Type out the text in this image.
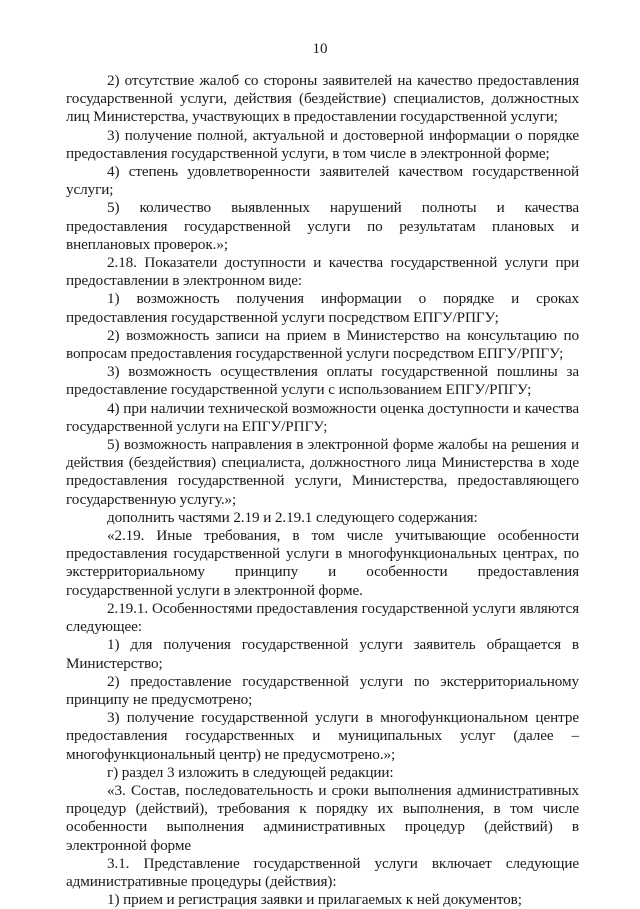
10

2) отсутствие жалоб со стороны заявителей на качество предоставления государственной услуги, действия (бездействие) специалистов, должностных лиц Министерства, участвующих в предоставлении государственной услуги;

3) получение полной, актуальной и достоверной информации о порядке предоставления государственной услуги, в том числе в электронной форме;

4) степень удовлетворенности заявителей качеством государственной услуги;

5) количество выявленных нарушений полноты и качества предоставления государственной услуги по результатам плановых и внеплановых проверок.»;

2.18. Показатели доступности и качества государственной услуги при предоставлении в электронном виде:

1) возможность получения информации о порядке и сроках предоставления государственной услуги посредством ЕПГУ/РПГУ;

2) возможность записи на прием в Министерство на консультацию по вопросам предоставления государственной услуги посредством ЕПГУ/РПГУ;

3) возможность осуществления оплаты государственной пошлины за предоставление государственной услуги с использованием ЕПГУ/РПГУ;

4) при наличии технической возможности оценка доступности и качества государственной услуги на ЕПГУ/РПГУ;

5) возможность направления в электронной форме жалобы на решения и действия (бездействия) специалиста, должностного лица Министерства в ходе предоставления государственной услуги, Министерства, предоставляющего государственную услугу.»;

дополнить частями 2.19 и 2.19.1 следующего содержания:

«2.19. Иные требования, в том числе учитывающие особенности предоставления государственной услуги в многофункциональных центрах, по экстерриториальному принципу и особенности предоставления государственной услуги в электронной форме.

2.19.1. Особенностями предоставления государственной услуги являются следующее:

1) для получения государственной услуги заявитель обращается в Министерство;

2) предоставление государственной услуги по экстерриториальному принципу не предусмотрено;

3) получение государственной услуги в многофункциональном центре предоставления государственных и муниципальных услуг (далее – многофункциональный центр) не предусмотрено.»;

г) раздел 3 изложить в следующей редакции:

«3. Состав, последовательность и сроки выполнения административных процедур (действий), требования к порядку их выполнения, в том числе особенности выполнения административных процедур (действий) в электронной форме

3.1. Представление государственной услуги включает следующие административные процедуры (действия):

1) прием и регистрация заявки и прилагаемых к ней документов;
